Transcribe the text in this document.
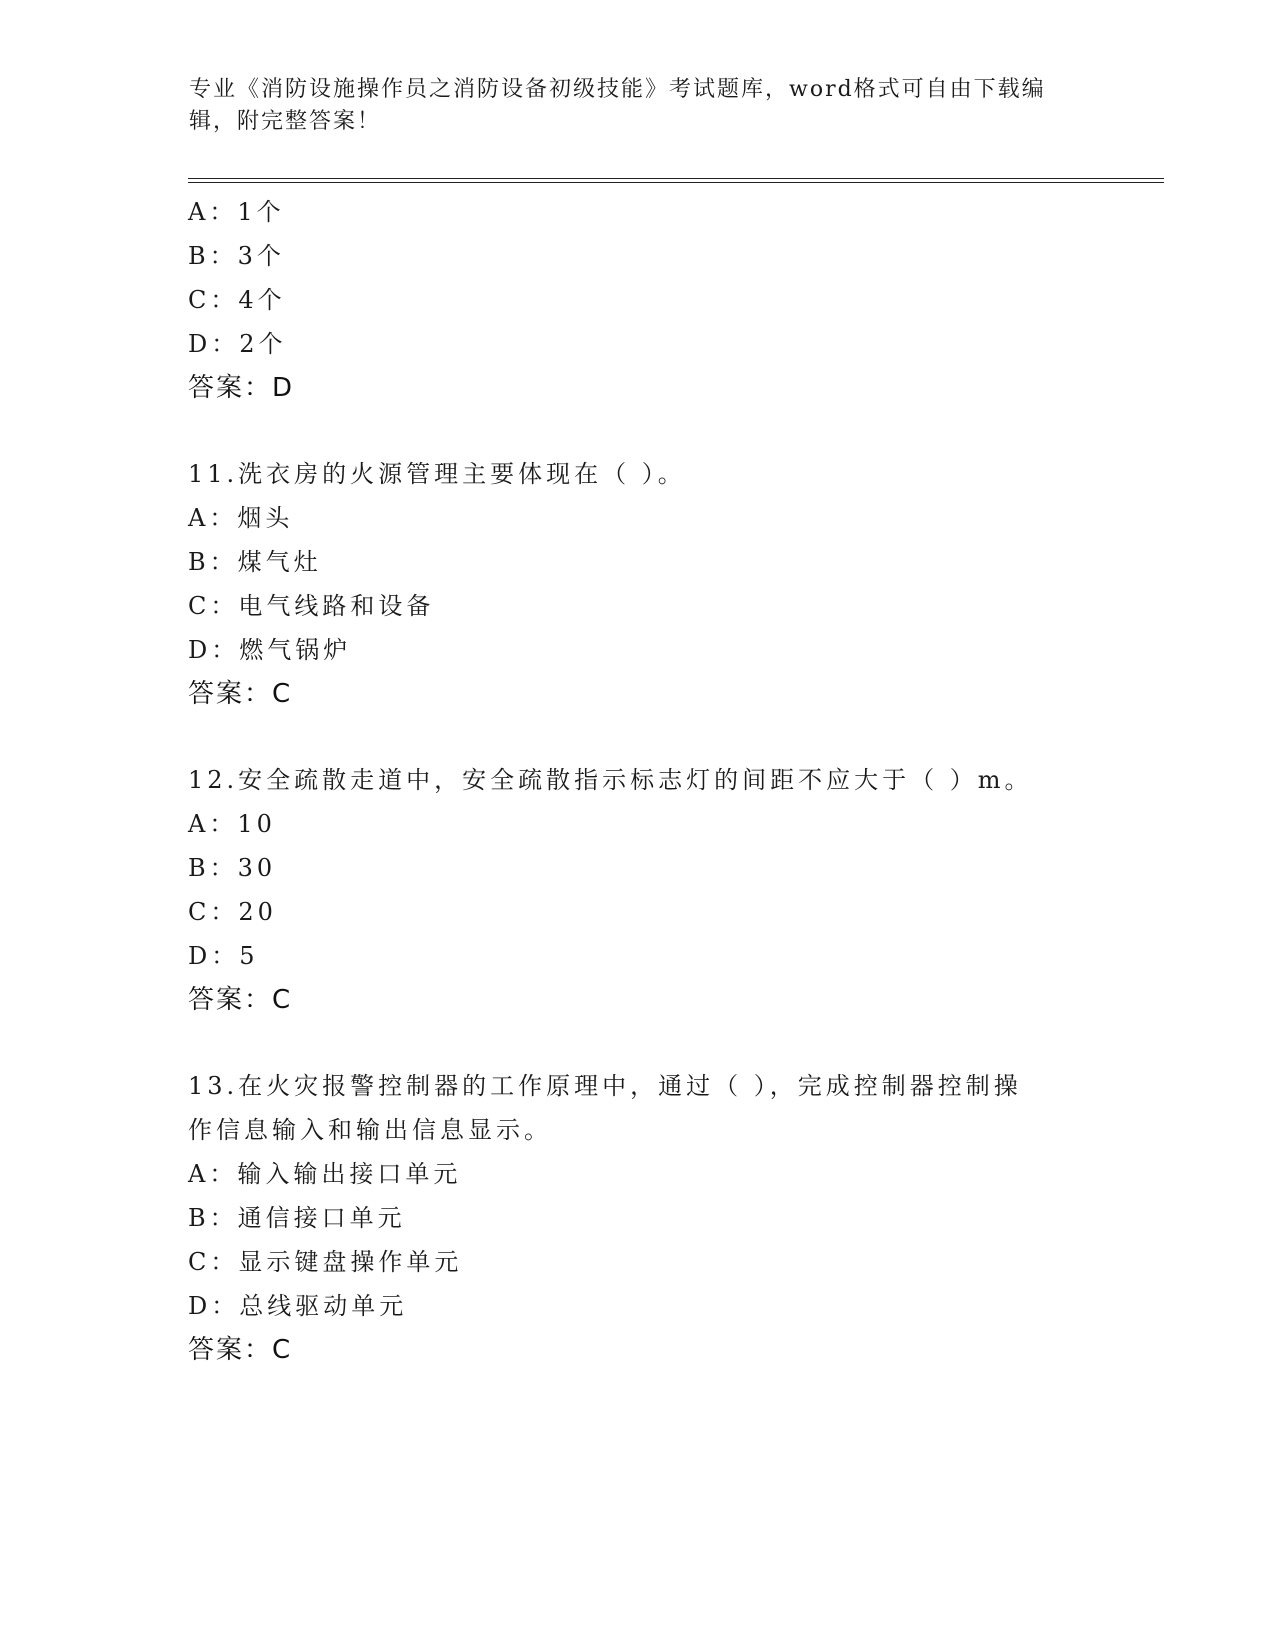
专业《消防设施操作员之消防设备初级技能》考试题库，word格式可自由下载编
辑，附完整答案！
A：1个
B：3个
C：4个
D：2个
答案：D
11.洗衣房的火源管理主要体现在（ ）。
A：烟头
B：煤气灶
C：电气线路和设备
D：燃气锅炉
答案：C
12.安全疏散走道中，安全疏散指示标志灯的间距不应大于（ ）m。
A：10
B：30
C：20
D：5
答案：C
13.在火灾报警控制器的工作原理中，通过（ ），完成控制器控制操
作信息输入和输出信息显示。
A：输入输出接口单元
B：通信接口单元
C：显示键盘操作单元
D：总线驱动单元
答案：C
